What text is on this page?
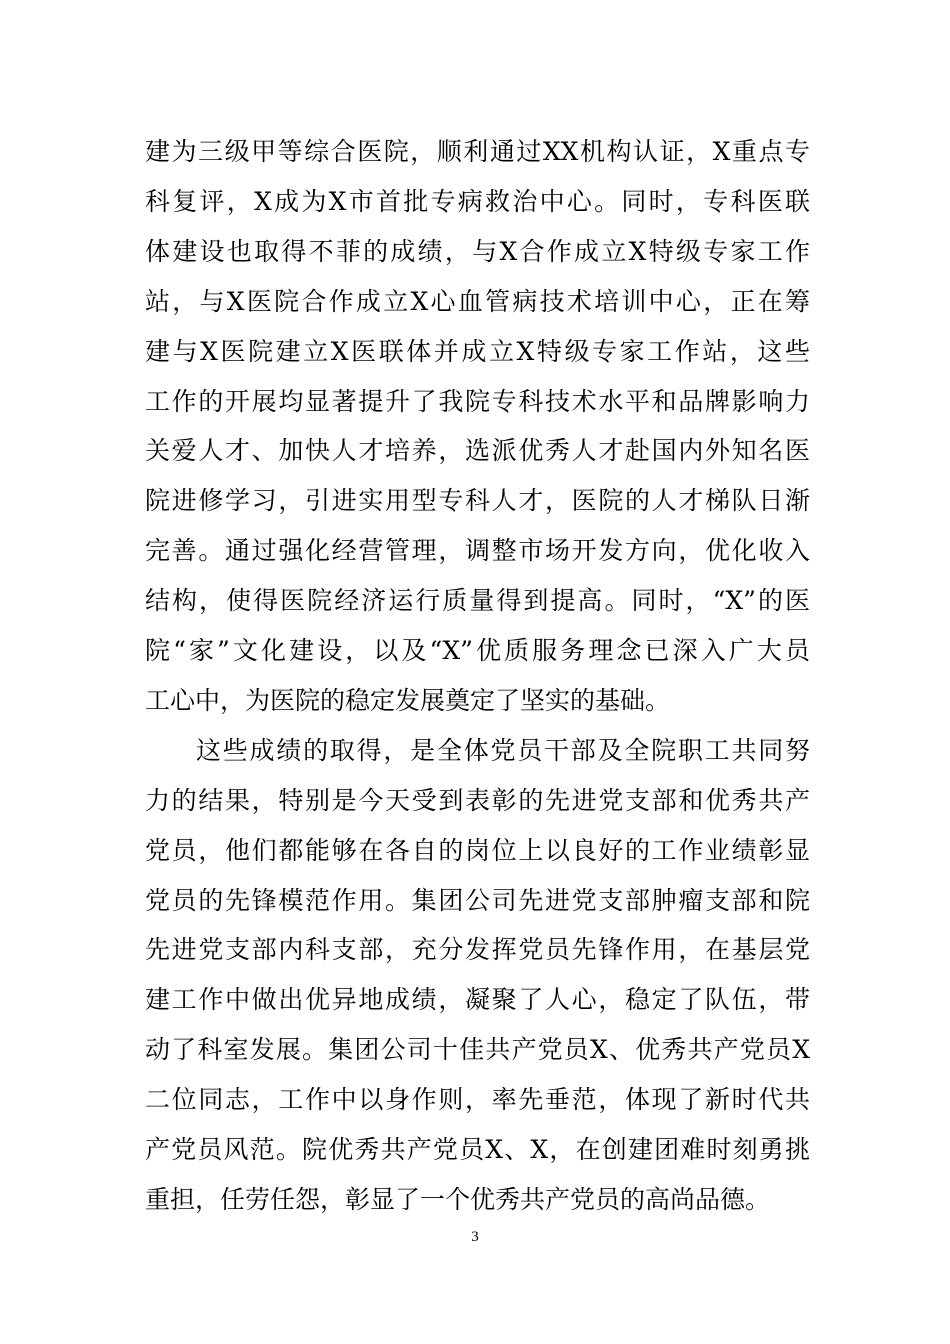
建为三级甲等综合医院，顺利通过XX机构认证，X重点专
科复评，X成为X市首批专病救治中心。同时，专科医联
体建设也取得不菲的成绩，与X合作成立X特级专家工作
站，与X医院合作成立X心血管病技术培训中心，正在筹
建与X医院建立X医联体并成立X特级专家工作站，这些
工作的开展均显著提升了我院专科技术水平和品牌影响力
关爱人才、加快人才培养，选派优秀人才赴国内外知名医
院进修学习，引进实用型专科人才，医院的人才梯队日渐
完善。通过强化经营管理，调整市场开发方向，优化收入
结构，使得医院经济运行质量得到提高。同时，“X”的医
院“家”文化建设，以及“X”优质服务理念已深入广大员
工心中，为医院的稳定发展奠定了坚实的基础。
这些成绩的取得，是全体党员干部及全院职工共同努
力的结果，特别是今天受到表彰的先进党支部和优秀共产
党员，他们都能够在各自的岗位上以良好的工作业绩彰显
党员的先锋模范作用。集团公司先进党支部肿瘤支部和院
先进党支部内科支部，充分发挥党员先锋作用，在基层党
建工作中做出优异地成绩，凝聚了人心，稳定了队伍，带
动了科室发展。集团公司十佳共产党员X、优秀共产党员X
二位同志，工作中以身作则，率先垂范，体现了新时代共
产党员风范。院优秀共产党员X、X，在创建团难时刻勇挑
重担，任劳任怨，彰显了一个优秀共产党员的高尚品德。
3
